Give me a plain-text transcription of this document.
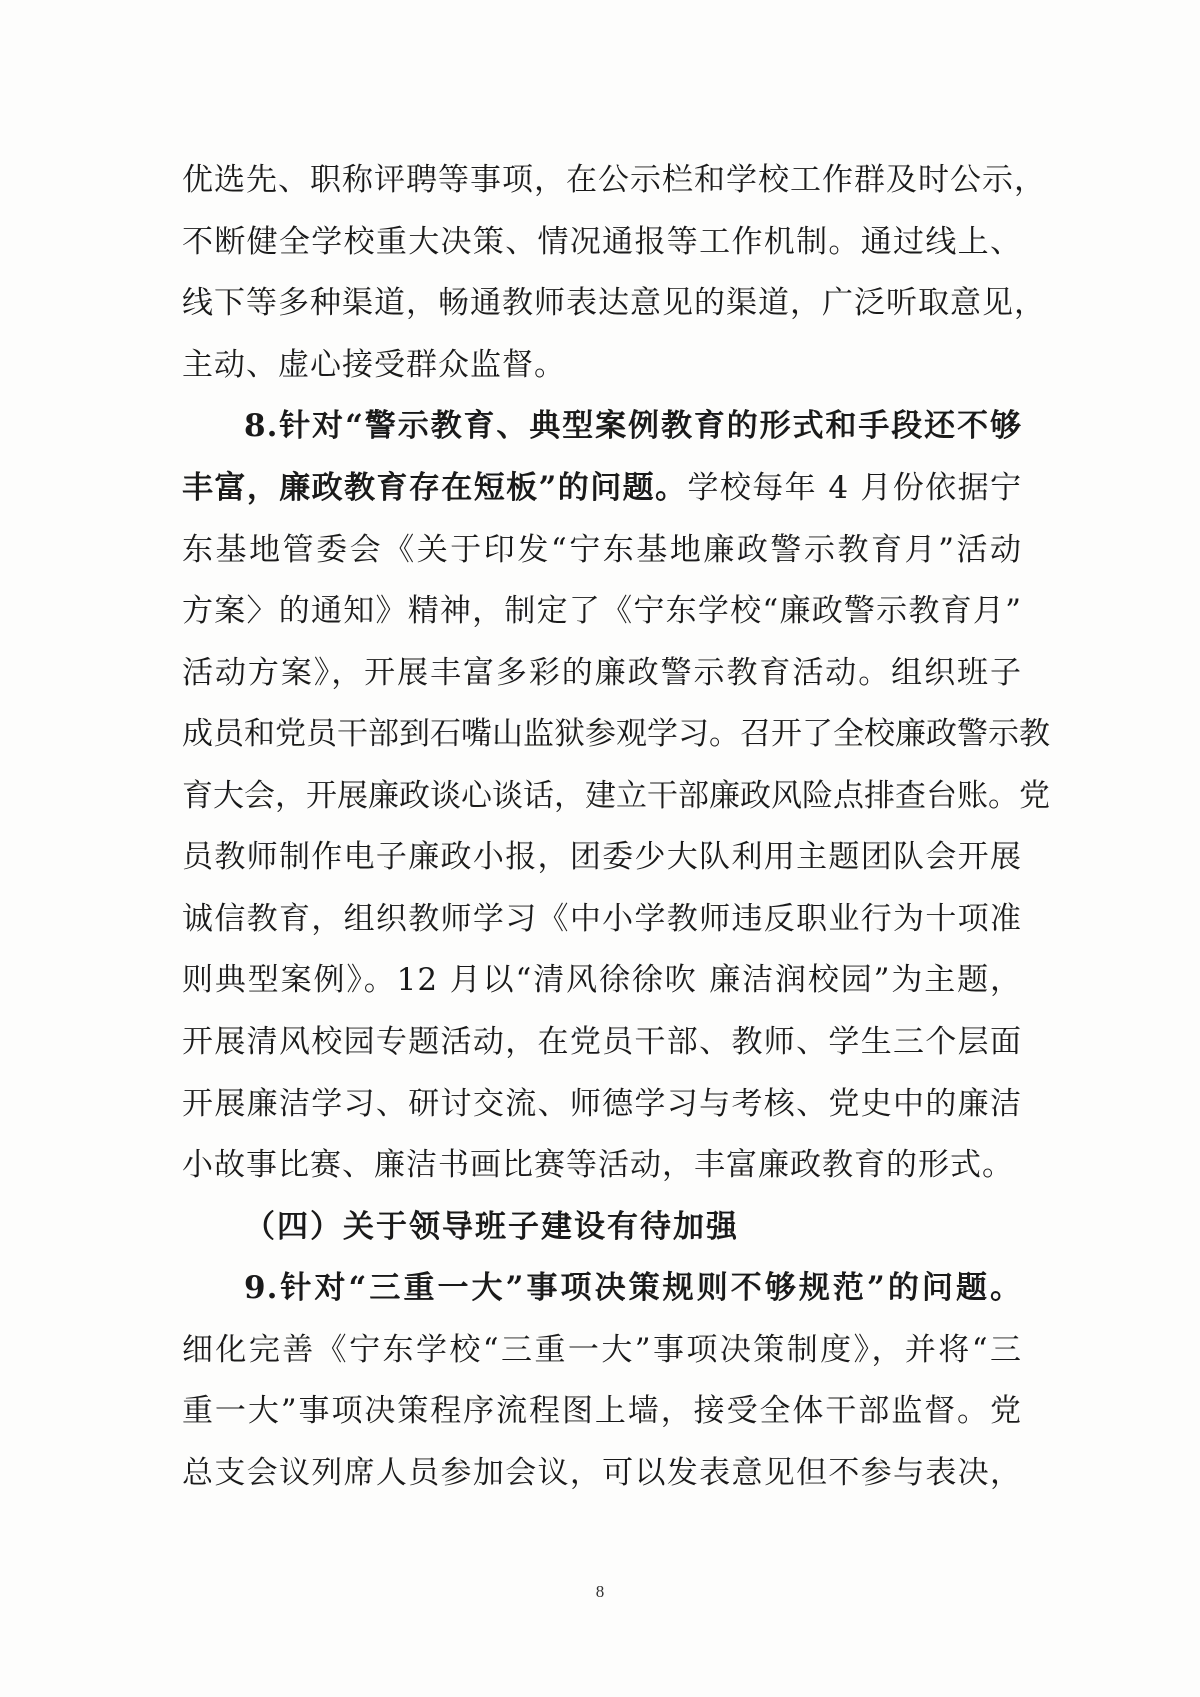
优选先、职称评聘等事项，在公示栏和学校工作群及时公示，
不断健全学校重大决策、情况通报等工作机制。通过线上、
线下等多种渠道，畅通教师表达意见的渠道，广泛听取意见，
主动、虚心接受群众监督。
8.针对“警示教育、典型案例教育的形式和手段还不够
丰富，廉政教育存在短板”的问题。学校每年 4 月份依据宁
东基地管委会《关于印发“宁东基地廉政警示教育月”活动
方案〉的通知》精神，制定了《宁东学校“廉政警示教育月”
活动方案》，开展丰富多彩的廉政警示教育活动。组织班子
成员和党员干部到石嘴山监狱参观学习。召开了全校廉政警示教
育大会，开展廉政谈心谈话，建立干部廉政风险点排查台账。党
员教师制作电子廉政小报，团委少大队利用主题团队会开展
诚信教育，组织教师学习《中小学教师违反职业行为十项准
则典型案例》。12 月以“清风徐徐吹 廉洁润校园”为主题，
开展清风校园专题活动，在党员干部、教师、学生三个层面
开展廉洁学习、研讨交流、师德学习与考核、党史中的廉洁
小故事比赛、廉洁书画比赛等活动，丰富廉政教育的形式。
（四）关于领导班子建设有待加强
9.针对“三重一大”事项决策规则不够规范”的问题。
细化完善《宁东学校“三重一大”事项决策制度》，并将“三
重一大”事项决策程序流程图上墙，接受全体干部监督。党
总支会议列席人员参加会议，可以发表意见但不参与表决，
8
